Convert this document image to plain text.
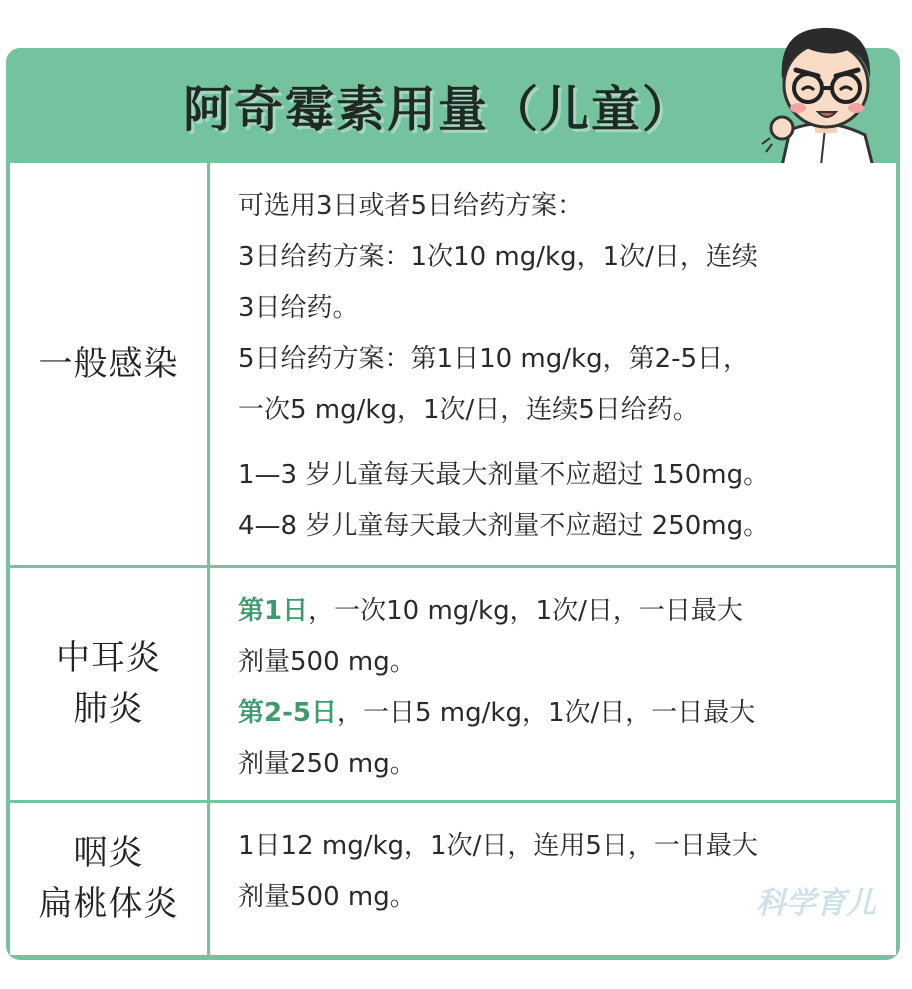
阿奇霉素用量（儿童）
一般感染
可选用3日或者5日给药方案：
3日给药方案：1次10 mg/kg，1次/日，连续
3日给药。
5日给药方案：第1日10 mg/kg，第2-5日，
一次5 mg/kg，1次/日，连续5日给药。
1—3 岁儿童每天最大剂量不应超过 150mg。
4—8 岁儿童每天最大剂量不应超过 250mg。
中耳炎
肺炎
第1日，一次10 mg/kg，1次/日，一日最大
剂量500 mg。
第2-5日，一日5 mg/kg，1次/日，一日最大
剂量250 mg。
咽炎
扁桃体炎
1日12 mg/kg，1次/日，连用5日，一日最大
剂量500 mg。	科学育儿
